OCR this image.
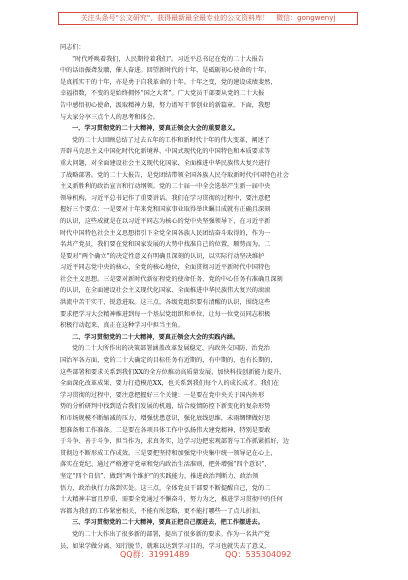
关注头条号"公文研究"，获得最新最全最专业的公文资料库！　微信：gongwenyj
同志们：
“时代呼唤着我们，人民期待着我们”。习近平总书记在党的二十大报告
中的话语振聋发聩，催人奋进。回望新时代的十年，是砥砺初心使命的十年，
是真抓实干的十年，亦是勇于自我革命的十年。十年之变，党的建设成绩斐然，
幸福指数，不变的是始终拥怀“国之大者”。广大党员干部要从党的二十大报
告中感悟初心使命，汲取精神力量，努力谱写干事创业的新篇章。下面，我想
与大家分享三点个人的思考和体会。
一、学习贯彻党的二十大精神，要真正领会大会的重要意义。
党的二十大回顾总结了过去五年的工作和新时代十年的伟大变革，阐述了
开辟马克思主义中国化时代化新境界、中国式现代化的中国特色和本质要求等
重大问题，对全面建设社会主义现代化国家、全面推进中华民族伟大复兴进行
了战略部署。党的二十大报告，是党团结带领全国各族人民夺取新时代中国特色社会
主义新胜利的政治宣言和行动纲领。党的二十届一中全会选举产生新一届中央
领导机构，习近平总书记作了重要讲话。我们在学习贯彻的过程中，要注意把
握好三个要点：一是要对十年来党和国家事业取得举世瞩目成就有正确且深刻
的认识，这些成就是在以习近平同志为核心的党中央坚强领导下，在习近平新
时代中国特色社会主义思想指引下全党全国各族人民团结奋斗取得的，作为一
名共产党员，我们要在党和国家发展的大势中找准自己的位置，顺势而为。二
是要对“两个确立”的决定性意义有明确且深刻的认识，以实际行动坚决维护
习近平同志党中央的核心、全党的核心地位，全面贯彻习近平新时代中国特色
社会主义思想。三是要对新时代新征程党的使命任务、党的中心任务有准确且深刻
的认识，在全面建设社会主义现代化国家、全面推进中华民族伟大复兴的滚滚
洪流中苦干实干、锐意进取。这三点，各级党组织要有清醒的认识，围绕这些
要求把学习大会精神推进到每一个基层党组织和单位，让每一位党员同志积极
积极行动起来，真正在这种学习中担当主角。
二、学习贯彻党的二十大精神，要真正领会大会的实践内涵。
党的二十大所作出的决策部署涵盖改革发展稳定、内政外交国防、治党治
国治军各方面，党的二十大确定的目标任务有近期的，有中期的，也有长期的，
这些部署和要求关系到我们XX的全方位推动高质量发展，加快科技创新能力提升，
全面深化改革成果、要力打造模范XX，也关系到我们每个人的成长成才。我们在
学习贯彻的过程中，要注意把握好三个关键：一是要在党中央关于国内外形
势的分析研判中找到适合我们发展的机遇，结合疫情防控下新变化的复杂形势
和市场规模不断缩减的压力，增强忧患意识，强化底线思维，未雨绸缪做好思
想准备和工作准备。二是要在各项具体工作中弘扬伟大建党精神，特别是要敢
于斗争、善于斗争，担当作为，求真务实，边学习边把宏观部署与工作抓紧抓好，边
贯彻边不断形成工作成效。三是要把坚持和加强党中央集中统一领导记在心上，
落实在党纪、通过严格遵守党章和党内政治生活准则，把外增强“四个意识”、
坚定“四个自信”、做到“两个维护”的实践能力，推进政治判断力、政治领
悟力、政治执行力落到实处。这三点，全体党员干部要不断提醒自己，党的二
十大精神丰富且厚重，需要全党通过不懈奋斗，努力为之，推进学习贯彻中的任何
容都为我们的工作紧密相关，不能有所忽略，更不能打哪些一了点儿折扣。
三、学习贯彻党的二十大精神，要真正把自己摆进去，把工作摆进去。
党的二十大作出了很多新的部署，提出了很多新的要求。作为一名共产党
员，如果学做分离、知行脱节，就难以达到学习目的，学习也就失去了意义，
QQ群：31991489	QQ：535304092
